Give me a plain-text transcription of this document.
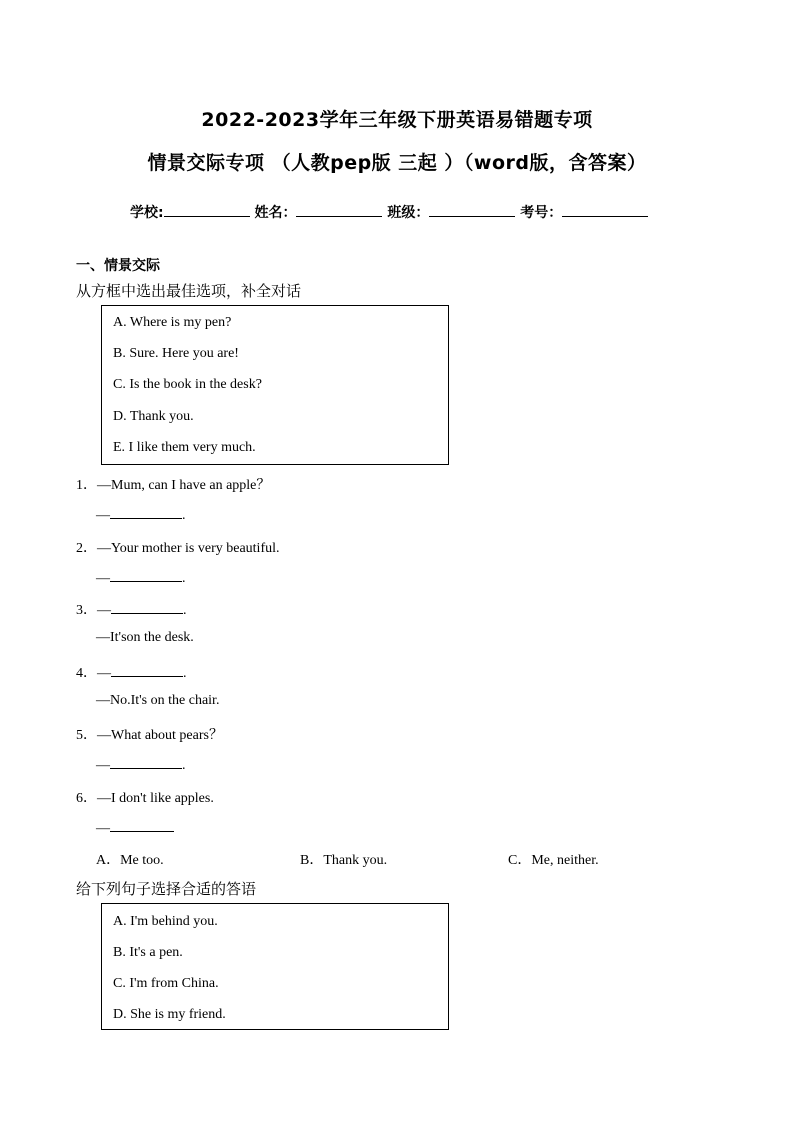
2022-2023学年三年级下册英语易错题专项
情景交际专项 （人教pep版 三起 ）（word版，含答案）
学校:	姓名：	班级：	考号：
一、情景交际
从方框中选出最佳选项，补全对话
A. Where is my pen?
B. Sure. Here you are!
C. Is the book in the desk?
D. Thank you.
E. I like them very much.
1．—Mum, can I have an apple？
—	.
2．—Your mother is very beautiful.
—	.
3．—	.
—It'son the desk.
4．—	.
—No.It's on the chair.
5．—What about pears？
—	.
6．—I don't like apples.
—
A．Me too.	B．Thank you.	C．Me, neither.
给下列句子选择合适的答语
A. I'm behind you.
B. It's a pen.
C. I'm from China.
D. She is my friend.
